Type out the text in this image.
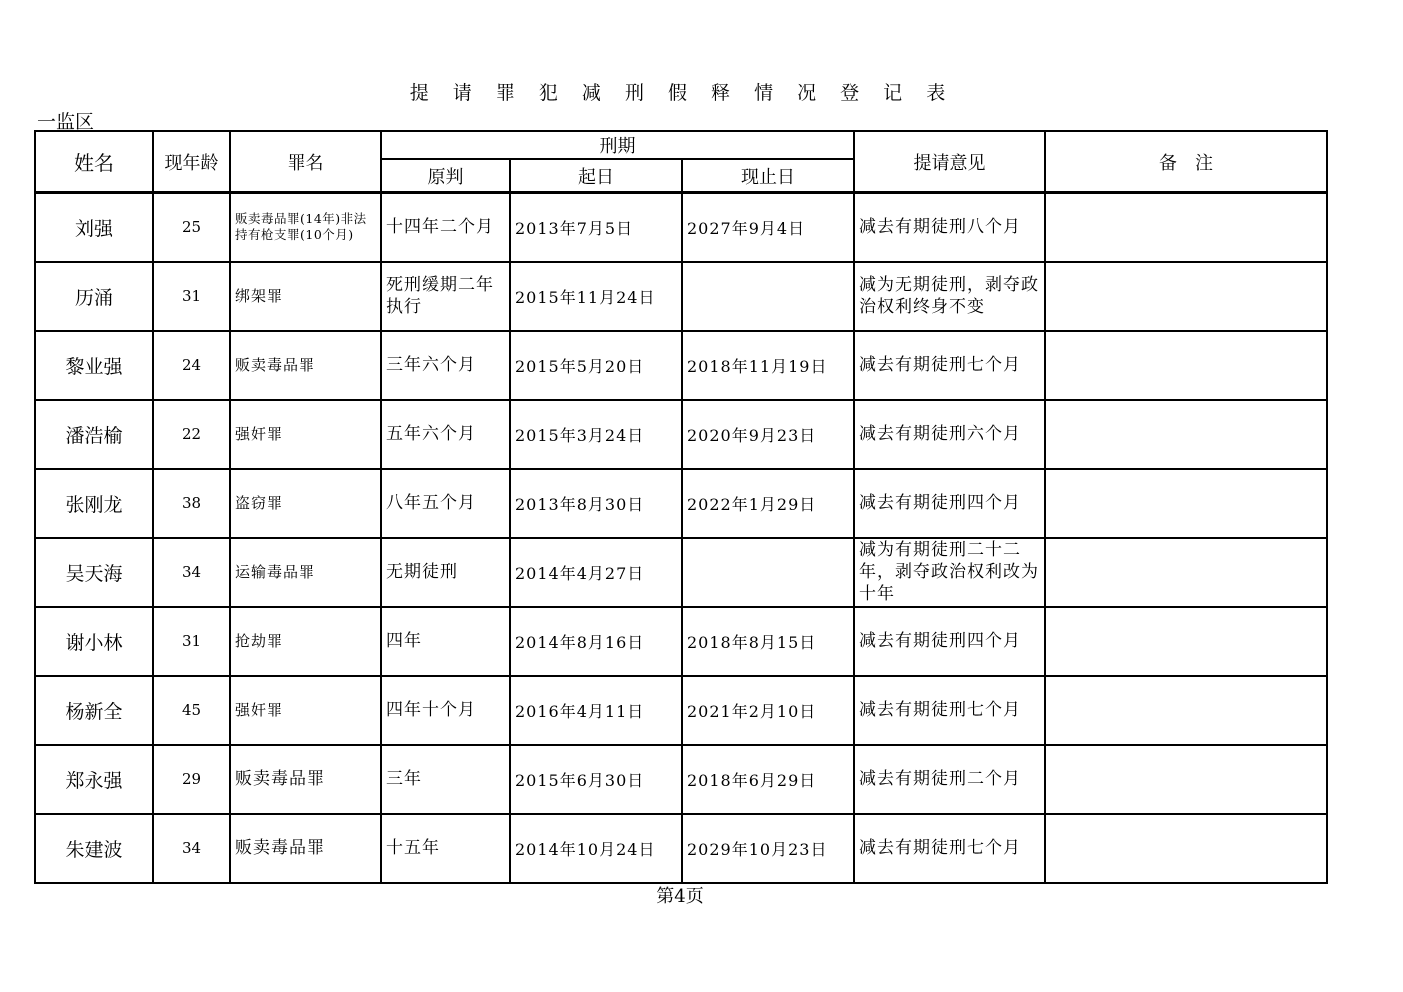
提 请 罪 犯 减 刑 假 释 情 况 登 记 表
一监区
姓名	现年龄	罪名	刑期			提请意见	备　注
			原判	起日	现止日		
刘强	25	贩卖毒品罪(14年)非法持有枪支罪(10个月)	十四年二个月	2013年7月5日	2027年9月4日	减去有期徒刑八个月	
历涌	31	绑架罪	死刑缓期二年执行	2015年11月24日		减为无期徒刑，剥夺政治权利终身不变	
黎业强	24	贩卖毒品罪	三年六个月	2015年5月20日	2018年11月19日	减去有期徒刑七个月	
潘浩榆	22	强奸罪	五年六个月	2015年3月24日	2020年9月23日	减去有期徒刑六个月	
张刚龙	38	盗窃罪	八年五个月	2013年8月30日	2022年1月29日	减去有期徒刑四个月	
吴天海	34	运输毒品罪	无期徒刑	2014年4月27日		减为有期徒刑二十二年，剥夺政治权利改为十年	
谢小林	31	抢劫罪	四年	2014年8月16日	2018年8月15日	减去有期徒刑四个月	
杨新全	45	强奸罪	四年十个月	2016年4月11日	2021年2月10日	减去有期徒刑七个月	
郑永强	29	贩卖毒品罪	三年	2015年6月30日	2018年6月29日	减去有期徒刑二个月	
朱建波	34	贩卖毒品罪	十五年	2014年10月24日	2029年10月23日	减去有期徒刑七个月	
第4页
